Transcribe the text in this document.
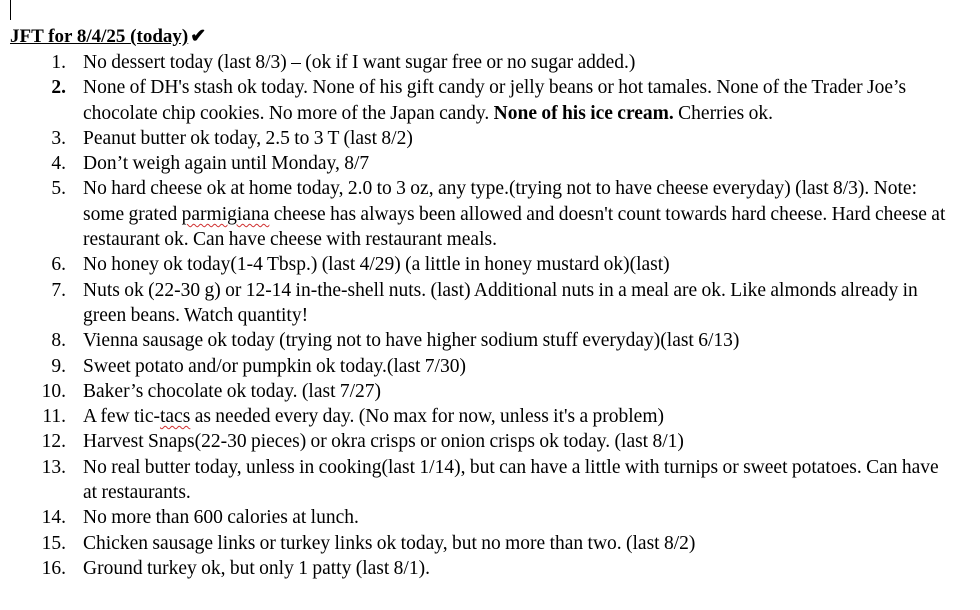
JFT for 8/4/25 (today) ✔
1. No dessert today (last 8/3) – (ok if I want sugar free or no sugar added.)
2. None of DH's stash ok today. None of his gift candy or jelly beans or hot tamales. None of the Trader Joe’s chocolate chip cookies. No more of the Japan candy. None of his ice cream. Cherries ok.
3. Peanut butter ok today, 2.5 to 3 T (last 8/2)
4. Don’t weigh again until Monday, 8/7
5. No hard cheese ok at home today, 2.0 to 3 oz, any type.(trying not to have cheese everyday) (last 8/3). Note: some grated parmigiana cheese has always been allowed and doesn't count towards hard cheese. Hard cheese at restaurant ok. Can have cheese with restaurant meals.
6. No honey ok today(1-4 Tbsp.) (last 4/29) (a little in honey mustard ok)(last)
7. Nuts ok (22-30 g) or 12-14 in-the-shell nuts. (last) Additional nuts in a meal are ok. Like almonds already in green beans. Watch quantity!
8. Vienna sausage ok today (trying not to have higher sodium stuff everyday)(last 6/13)
9. Sweet potato and/or pumpkin ok today.(last 7/30)
10. Baker’s chocolate ok today. (last 7/27)
11. A few tic-tacs as needed every day. (No max for now, unless it's a problem)
12. Harvest Snaps(22-30 pieces) or okra crisps or onion crisps ok today. (last 8/1)
13. No real butter today, unless in cooking(last 1/14), but can have a little with turnips or sweet potatoes. Can have at restaurants.
14. No more than 600 calories at lunch.
15. Chicken sausage links or turkey links ok today, but no more than two. (last 8/2)
16. Ground turkey ok, but only 1 patty (last 8/1).
